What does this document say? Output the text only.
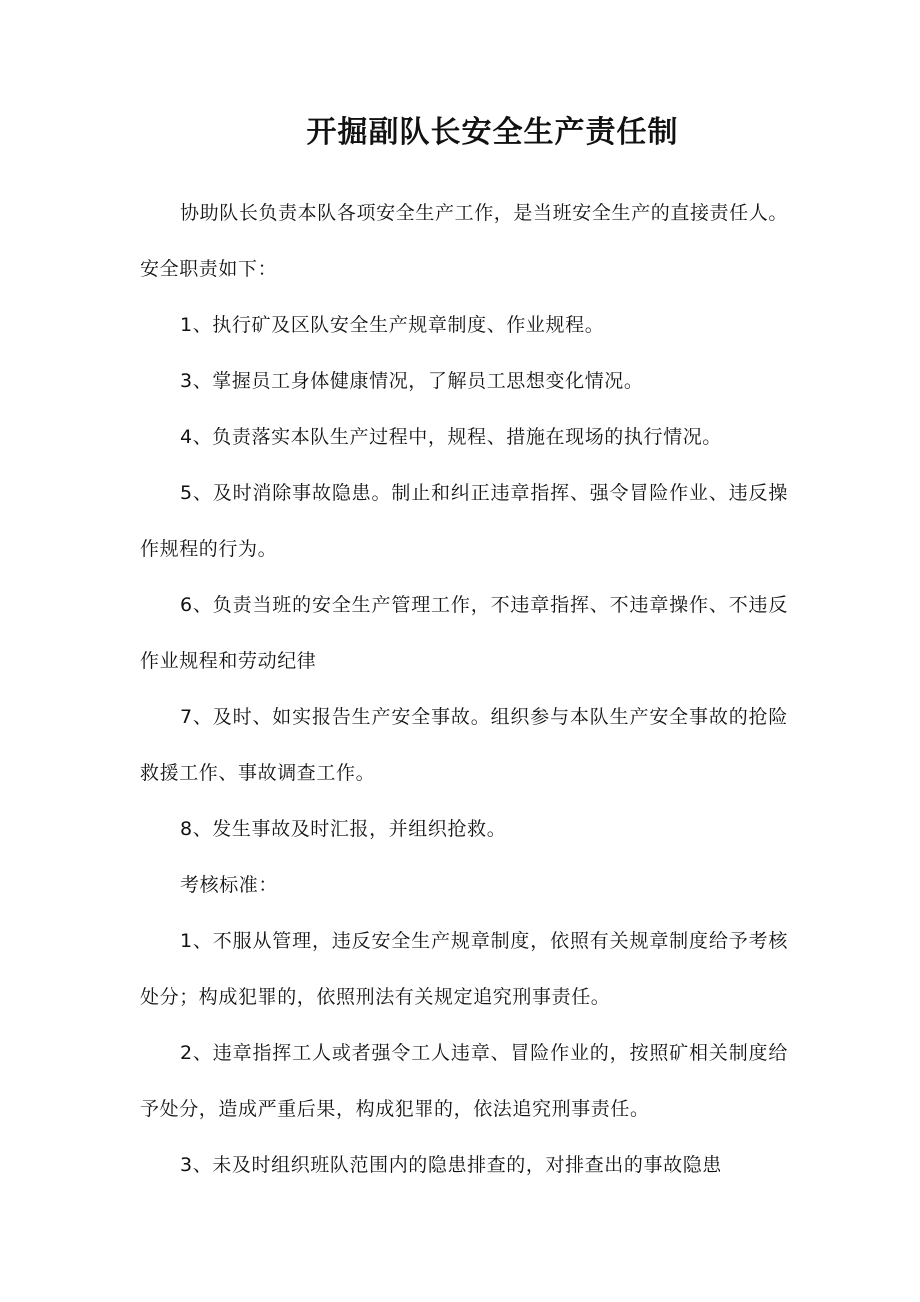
开掘副队长安全生产责任制

协助队长负责本队各项安全生产工作，是当班安全生产的直接责任人。安全职责如下：

1、执行矿及区队安全生产规章制度、作业规程。

3、掌握员工身体健康情况，了解员工思想变化情况。

4、负责落实本队生产过程中，规程、措施在现场的执行情况。

5、及时消除事故隐患。制止和纠正违章指挥、强令冒险作业、违反操作规程的行为。

6、负责当班的安全生产管理工作，不违章指挥、不违章操作、不违反作业规程和劳动纪律

7、及时、如实报告生产安全事故。组织参与本队生产安全事故的抢险救援工作、事故调查工作。

8、发生事故及时汇报，并组织抢救。

考核标准：

1、不服从管理，违反安全生产规章制度，依照有关规章制度给予考核处分；构成犯罪的，依照刑法有关规定追究刑事责任。

2、违章指挥工人或者强令工人违章、冒险作业的，按照矿相关制度给予处分，造成严重后果，构成犯罪的，依法追究刑事责任。

3、未及时组织班队范围内的隐患排查的，对排查出的事故隐患
